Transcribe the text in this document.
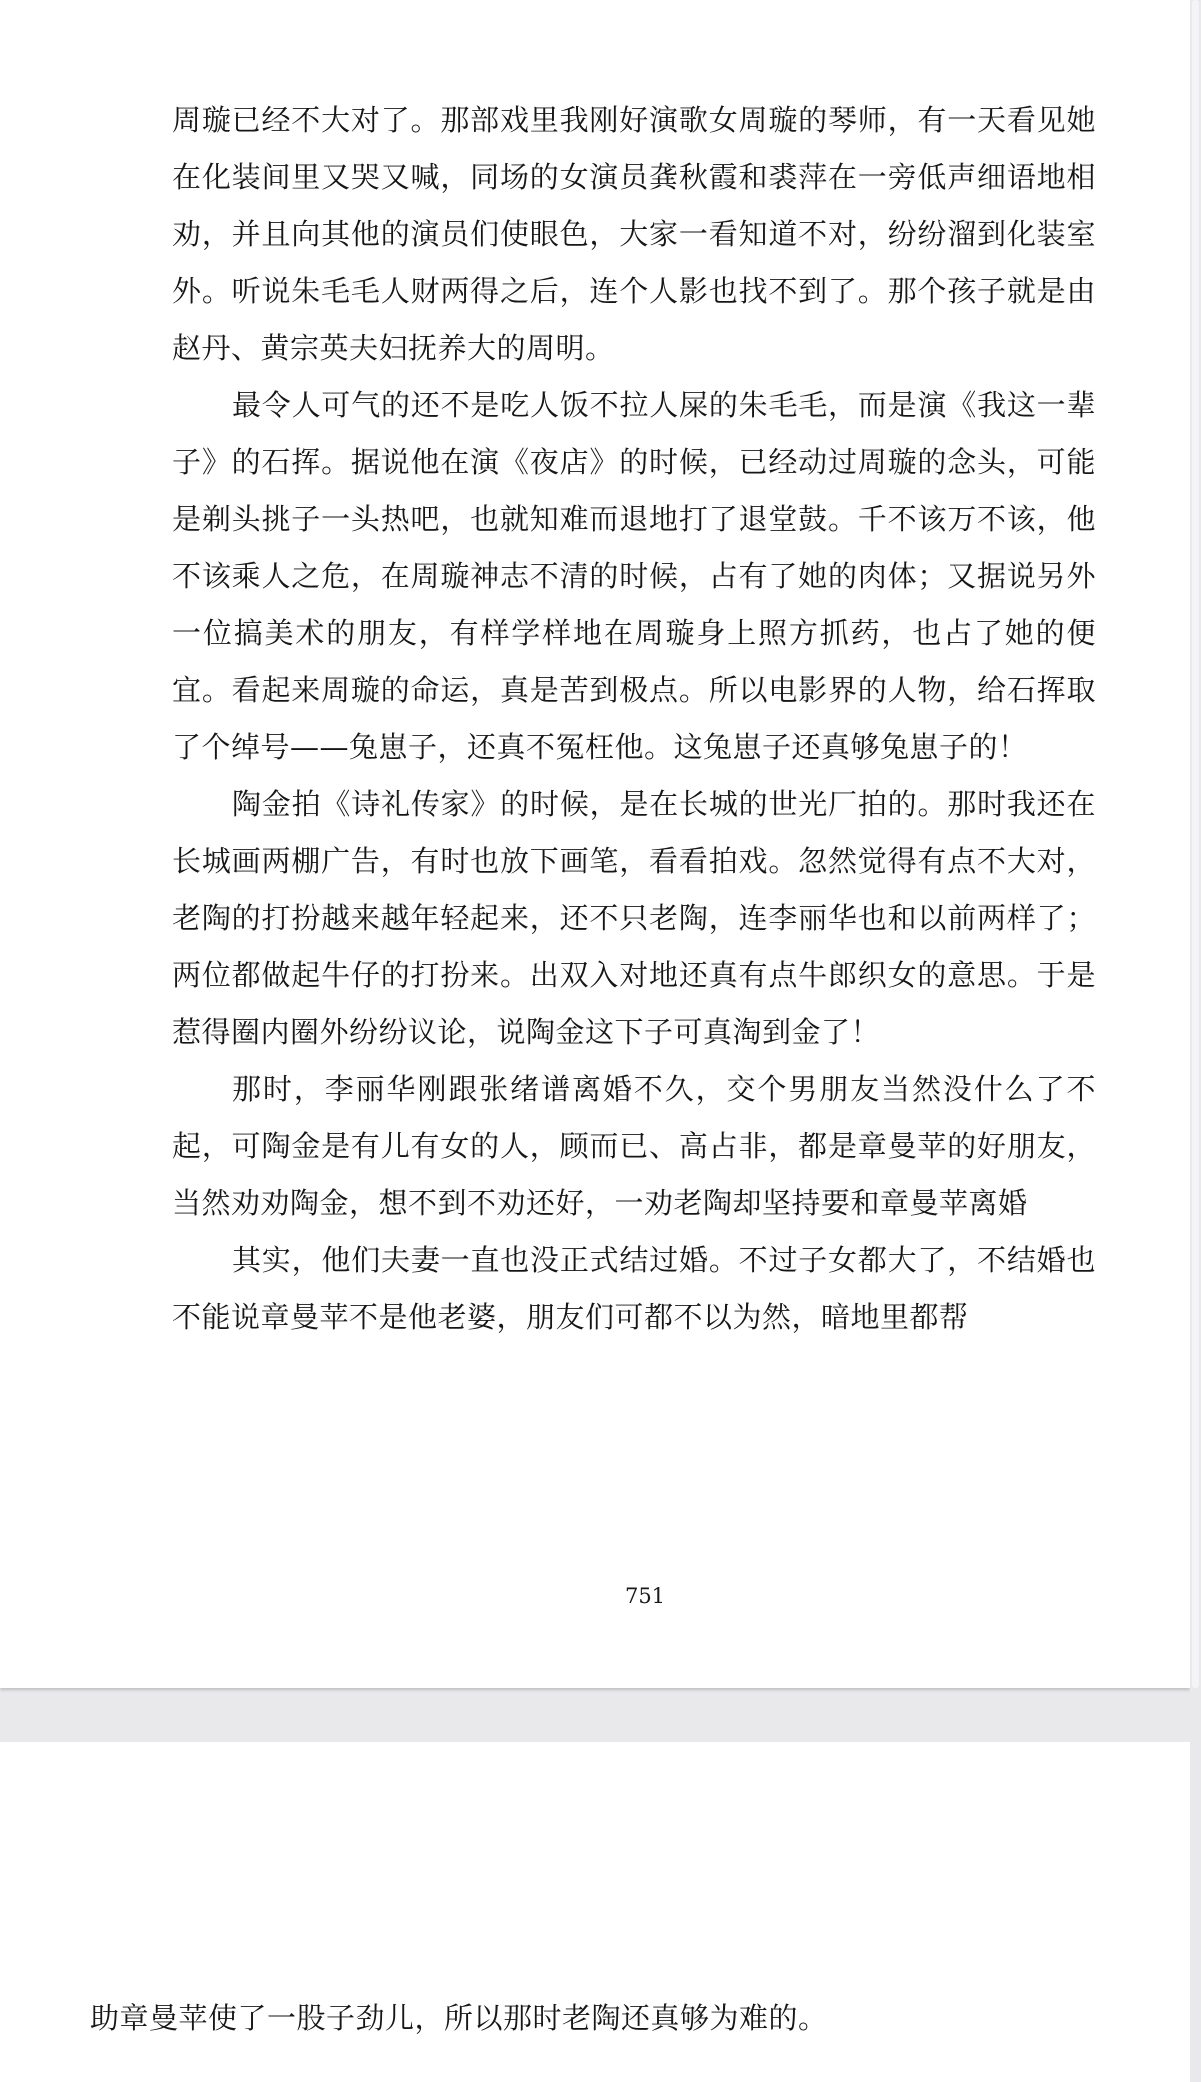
周璇已经不大对了。那部戏里我刚好演歌女周璇的琴师，有一天看见她在化装间里又哭又喊，同场的女演员龚秋霞和裘萍在一旁低声细语地相劝，并且向其他的演员们使眼色，大家一看知道不对，纷纷溜到化装室外。听说朱毛毛人财两得之后，连个人影也找不到了。那个孩子就是由赵丹、黄宗英夫妇抚养大的周明。

最令人可气的还不是吃人饭不拉人屎的朱毛毛，而是演《我这一辈子》的石挥。据说他在演《夜店》的时候，已经动过周璇的念头，可能是剃头挑子一头热吧，也就知难而退地打了退堂鼓。千不该万不该，他不该乘人之危，在周璇神志不清的时候，占有了她的肉体；又据说另外一位搞美术的朋友，有样学样地在周璇身上照方抓药，也占了她的便宜。看起来周璇的命运，真是苦到极点。所以电影界的人物，给石挥取了个绰号——兔崽子，还真不冤枉他。这兔崽子还真够兔崽子的！

陶金拍《诗礼传家》的时候，是在长城的世光厂拍的。那时我还在长城画两棚广告，有时也放下画笔，看看拍戏。忽然觉得有点不大对，老陶的打扮越来越年轻起来，还不只老陶，连李丽华也和以前两样了；两位都做起牛仔的打扮来。出双入对地还真有点牛郎织女的意思。于是惹得圈内圈外纷纷议论，说陶金这下子可真淘到金了！

那时，李丽华刚跟张绪谱离婚不久，交个男朋友当然没什么了不起，可陶金是有儿有女的人，顾而已、高占非，都是章曼苹的好朋友，当然劝劝陶金，想不到不劝还好，一劝老陶却坚持要和章曼苹离婚

其实，他们夫妻一直也没正式结过婚。不过子女都大了，不结婚也不能说章曼苹不是他老婆，朋友们可都不以为然，暗地里都帮

751

助章曼苹使了一股子劲儿，所以那时老陶还真够为难的。
